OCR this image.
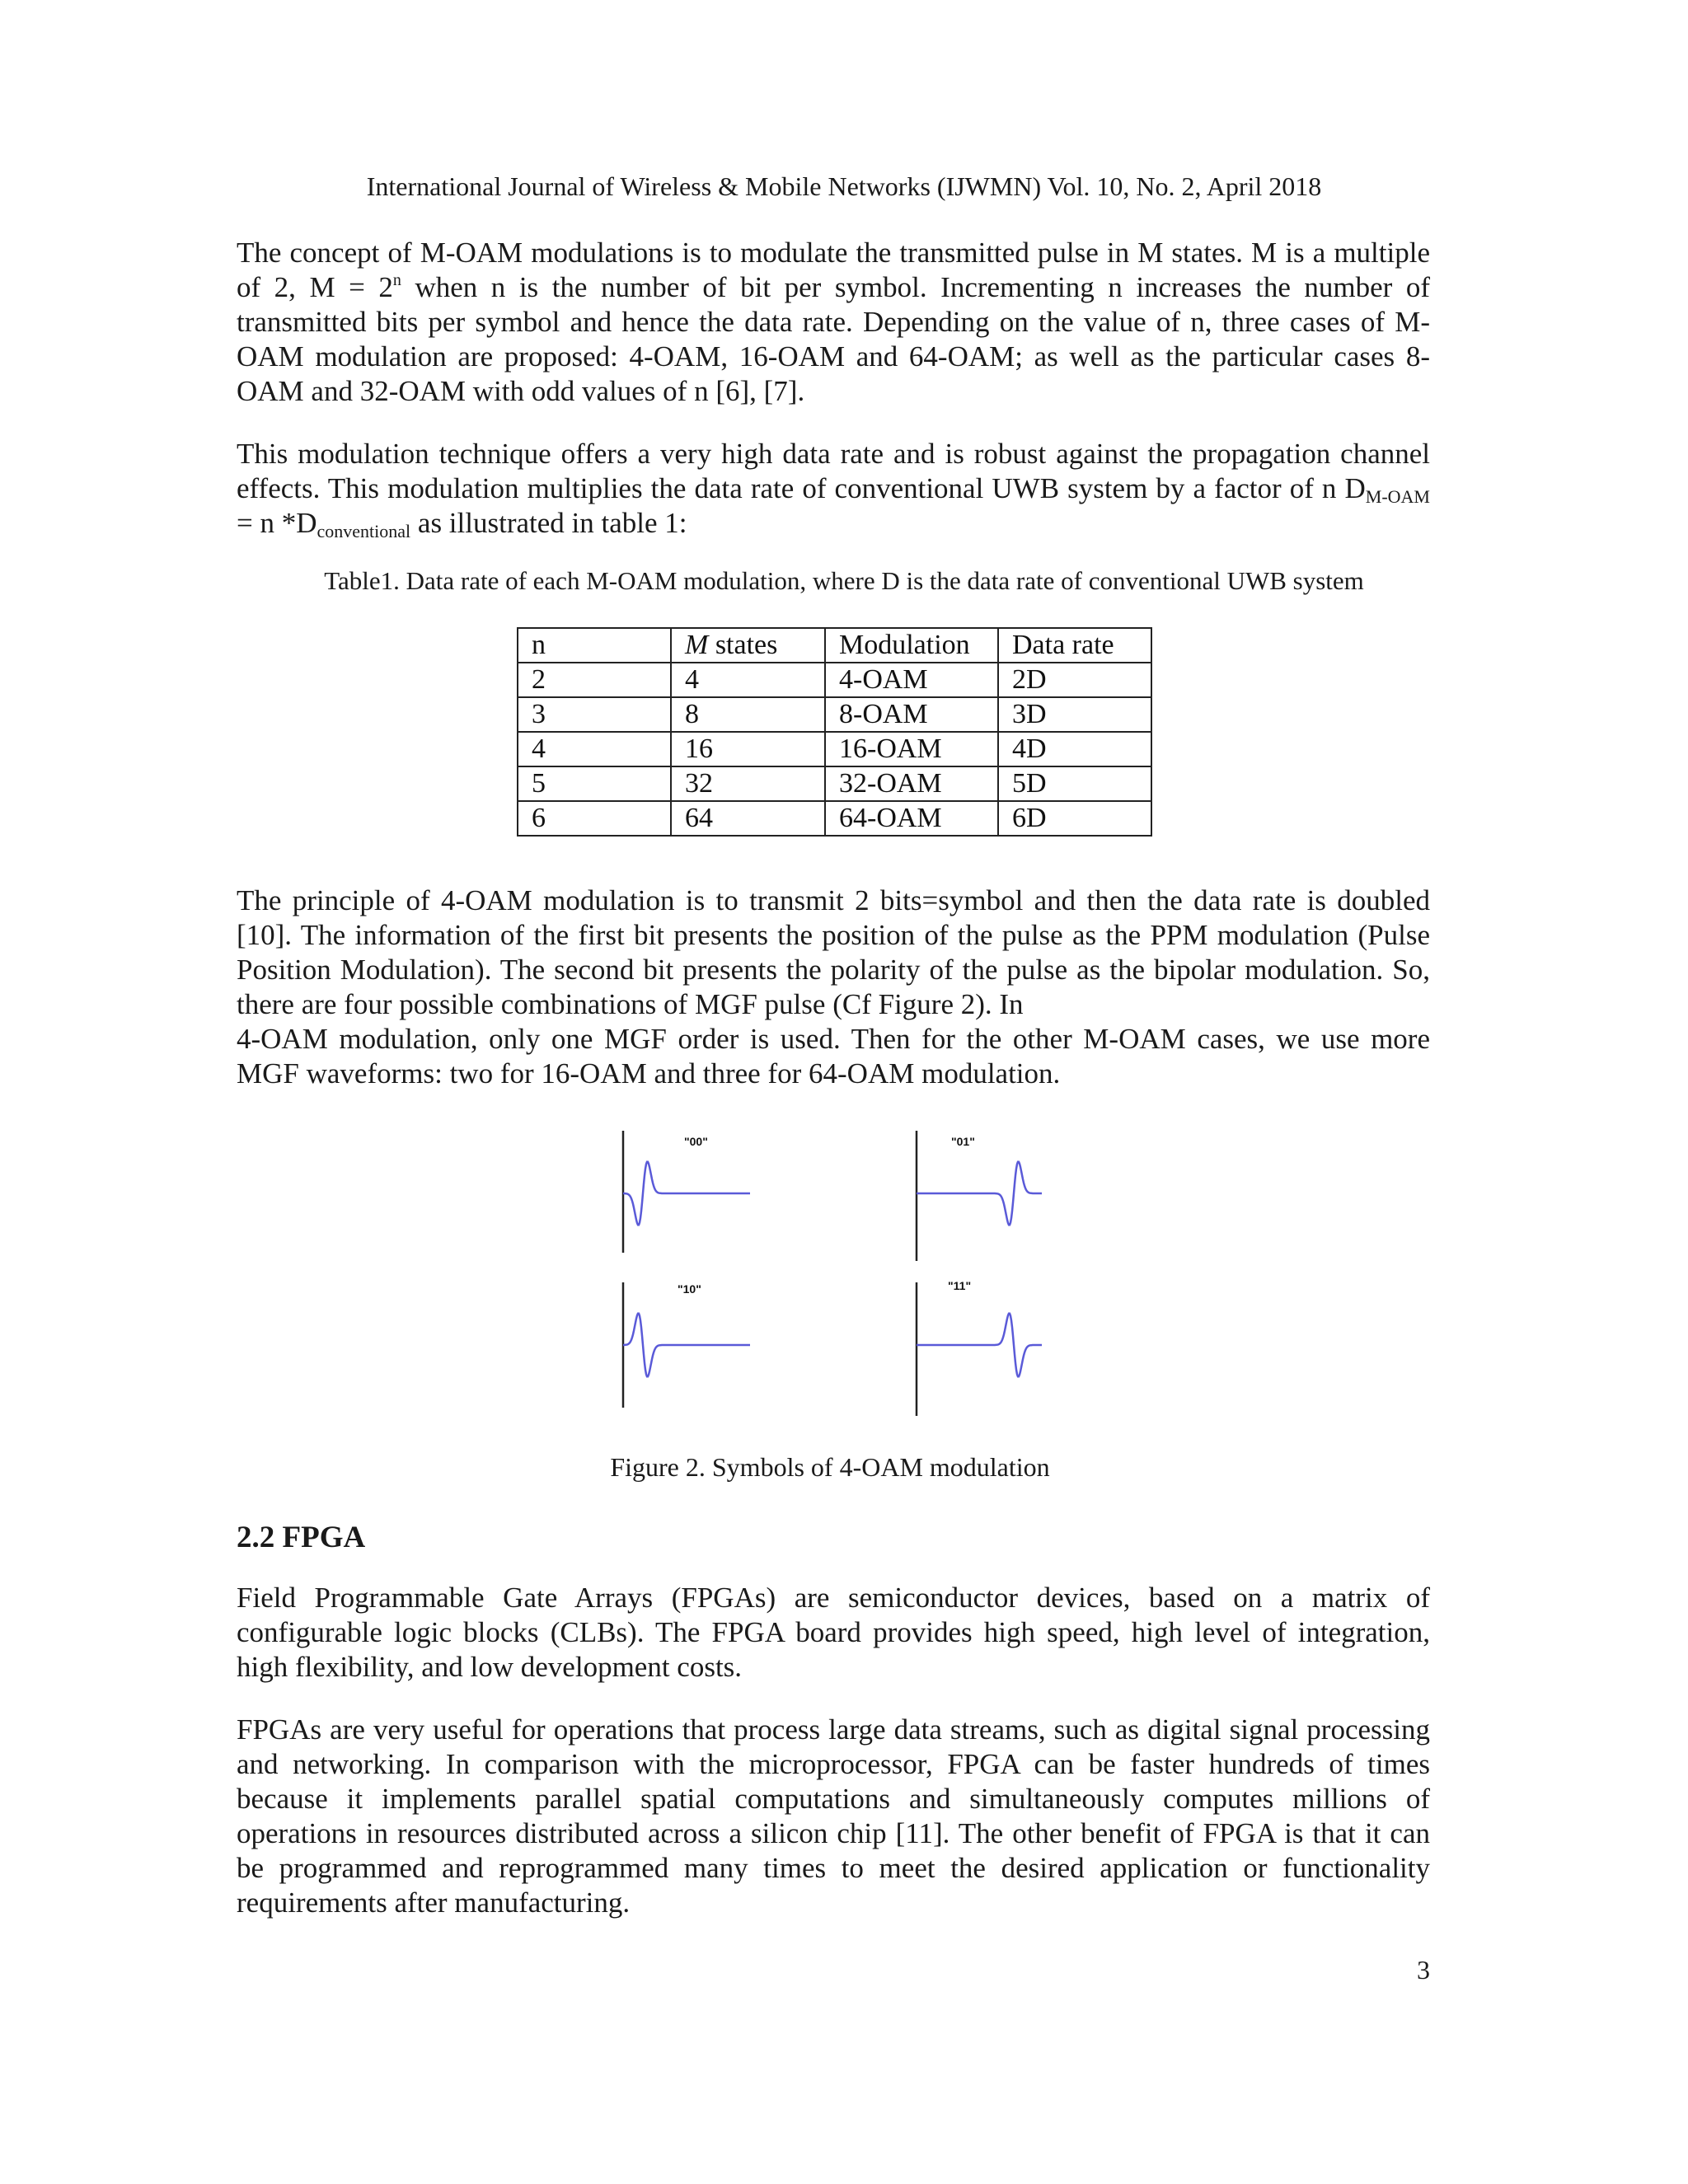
International Journal of Wireless & Mobile Networks (IJWMN) Vol. 10, No. 2, April 2018

The concept of M-OAM modulations is to modulate the transmitted pulse in M states. M is a multiple of 2, $M = 2^n$ when n is the number of bit per symbol. Incrementing n increases the number of transmitted bits per symbol and hence the data rate. Depending on the value of n, three cases of M-OAM modulation are proposed: 4-OAM, 16-OAM and 64-OAM; as well as the particular cases 8-OAM and 32-OAM with odd values of n [6], [7].

This modulation technique offers a very high data rate and is robust against the propagation channel effects. This modulation multiplies the data rate of conventional UWB system by a factor of n $D_{M-OAM} = n$ $*D_{conventional}$ as illustrated in table 1:

Table1. Data rate of each M-OAM modulation, where D is the data rate of conventional UWB system
n	M states	Modulation	Data rate
2	4	4-OAM	2D
3	8	8-OAM	3D
4	16	16-OAM	4D
5	32	32-OAM	5D
6	64	64-OAM	6D

The principle of 4-OAM modulation is to transmit 2 bits=symbol and then the data rate is doubled [10]. The information of the first bit presents the position of the pulse as the PPM modulation (Pulse Position Modulation). The second bit presents the polarity of the pulse as the bipolar modulation. So, there are four possible combinations of MGF pulse (Cf Figure 2). In

4-OAM modulation, only one MGF order is used. Then for the other M-OAM cases, we use more MGF waveforms: two for 16-OAM and three for 64-OAM modulation.

"00"	"01"
"10"	"11"
Figure 2. Symbols of 4-OAM modulation
2.2 FPGA

Field Programmable Gate Arrays (FPGAs) are semiconductor devices, based on a matrix of configurable logic blocks (CLBs). The FPGA board provides high speed, high level of integration, high flexibility, and low development costs.

FPGAs are very useful for operations that process large data streams, such as digital signal processing and networking. In comparison with the microprocessor, FPGA can be faster hundreds of times because it implements parallel spatial computations and simultaneously computes millions of operations in resources distributed across a silicon chip [11]. The other benefit of FPGA is that it can be programmed and reprogrammed many times to meet the desired application or functionality requirements after manufacturing.

3
